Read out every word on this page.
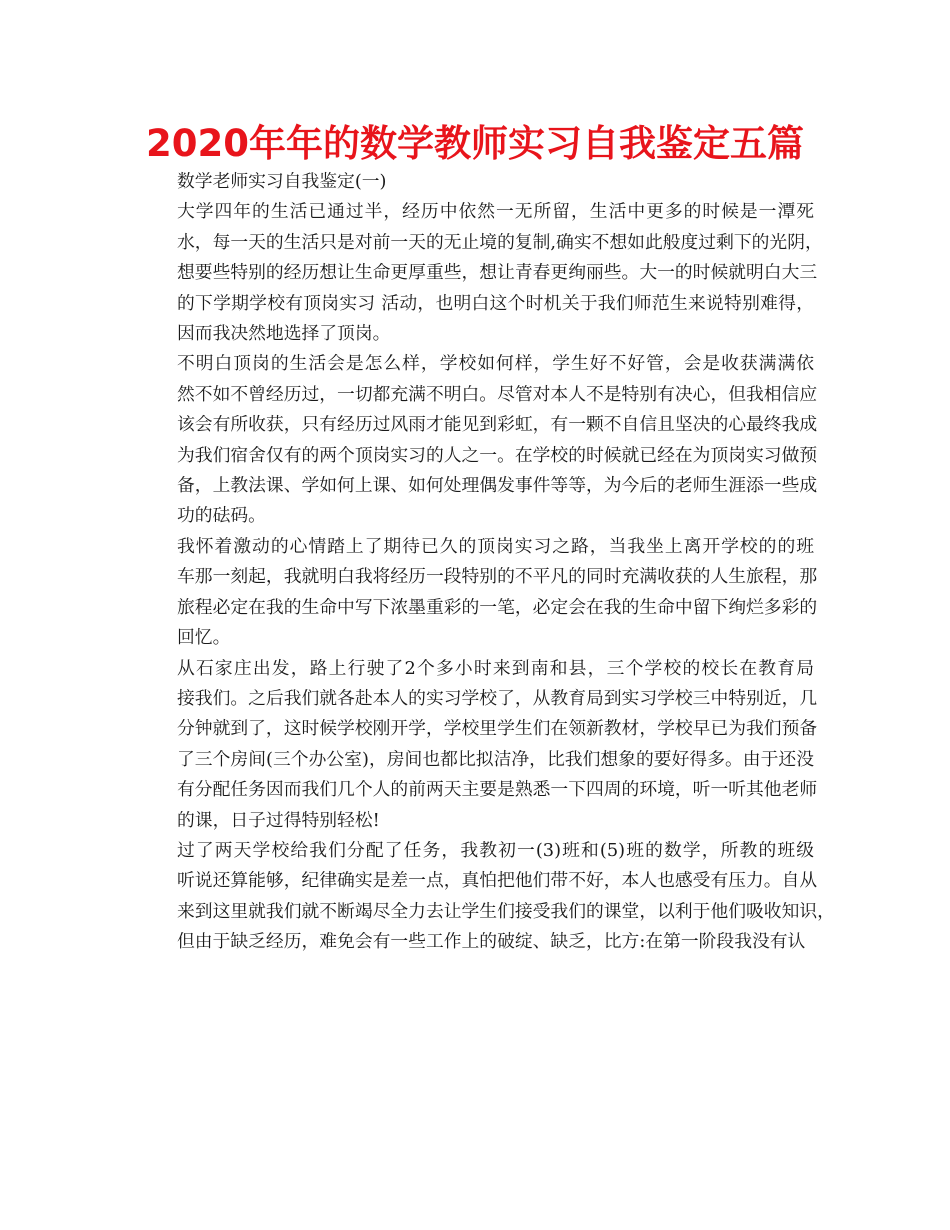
2020年年的数学教师实习自我鉴定五篇

数学老师实习自我鉴定(一)

大学四年的生活已通过半，经历中依然一无所留，生活中更多的时候是一潭死
水，每一天的生活只是对前一天的无止境的复制,确实不想如此般度过剩下的光阴，
想要些特别的经历想让生命更厚重些，想让青春更绚丽些。大一的时候就明白大三
的下学期学校有顶岗实习 活动，也明白这个时机关于我们师范生来说特别难得，
因而我决然地选择了顶岗。

不明白顶岗的生活会是怎么样，学校如何样，学生好不好管，会是收获满满依
然不如不曾经历过，一切都充满不明白。尽管对本人不是特别有决心，但我相信应
该会有所收获，只有经历过风雨才能见到彩虹，有一颗不自信且坚决的心最终我成
为我们宿舍仅有的两个顶岗实习的人之一。在学校的时候就已经在为顶岗实习做预
备，上教法课、学如何上课、如何处理偶发事件等等，为今后的老师生涯添一些成
功的砝码。

我怀着激动的心情踏上了期待已久的顶岗实习之路，当我坐上离开学校的的班
车那一刻起，我就明白我将经历一段特别的不平凡的同时充满收获的人生旅程，那
旅程必定在我的生命中写下浓墨重彩的一笔，必定会在我的生命中留下绚烂多彩的
回忆。

从石家庄出发，路上行驶了2个多小时来到南和县，三个学校的校长在教育局
接我们。之后我们就各赴本人的实习学校了，从教育局到实习学校三中特别近，几
分钟就到了，这时候学校刚开学，学校里学生们在领新教材，学校早已为我们预备
了三个房间(三个办公室)，房间也都比拟洁净，比我们想象的要好得多。由于还没
有分配任务因而我们几个人的前两天主要是熟悉一下四周的环境，听一听其他老师
的课，日子过得特别轻松!

过了两天学校给我们分配了任务，我教初一(3)班和(5)班的数学，所教的班级
听说还算能够，纪律确实是差一点，真怕把他们带不好，本人也感受有压力。自从
来到这里就我们就不断竭尽全力去让学生们接受我们的课堂，以利于他们吸收知识，
但由于缺乏经历，难免会有一些工作上的破绽、缺乏，比方:在第一阶段我没有认
